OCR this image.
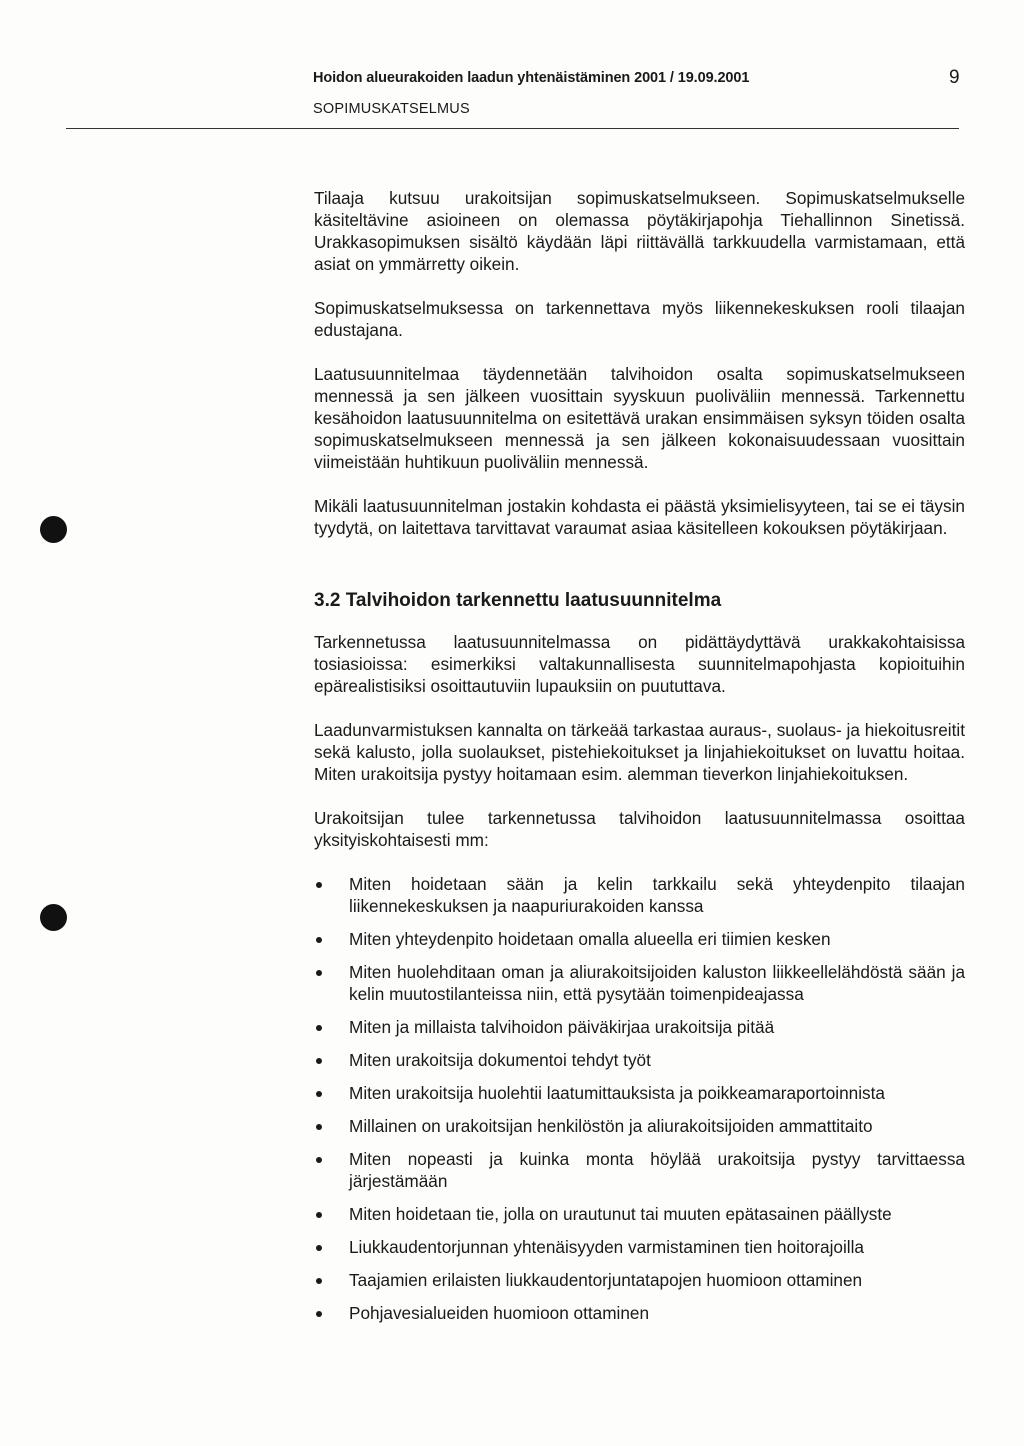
Hoidon alueurakoiden laadun yhtenäistäminen 2001 / 19.09.2001	9
SOPIMUSKATSELMUS

Tilaaja kutsuu urakoitsijan sopimuskatselmukseen. Sopimuskatselmukselle käsiteltävine asioineen on olemassa pöytäkirjapohja Tiehallinnon Sinetissä. Urakkasopimuksen sisältö käydään läpi riittävällä tarkkuudella varmistamaan, että asiat on ymmärretty oikein.

Sopimuskatselmuksessa on tarkennettava myös liikennekeskuksen rooli tilaajan edustajana.

Laatusuunnitelmaa täydennetään talvihoidon osalta sopimuskatselmukseen mennessä ja sen jälkeen vuosittain syyskuun puoliväliin mennessä. Tarkennettu kesähoidon laatusuunnitelma on esitettävä urakan ensimmäisen syksyn töiden osalta sopimuskatselmukseen mennessä ja sen jälkeen kokonaisuudessaan vuosittain viimeistään huhtikuun puoliväliin mennessä.

Mikäli laatusuunnitelman jostakin kohdasta ei päästä yksimielisyyteen, tai se ei täysin tyydytä, on laitettava tarvittavat varaumat asiaa käsitelleen kokouksen pöytäkirjaan.

3.2 Talvihoidon tarkennettu laatusuunnitelma

Tarkennetussa laatusuunnitelmassa on pidättäydyttävä urakkakohtaisissa tosiasioissa: esimerkiksi valtakunnallisesta suunnitelmapohjasta kopioituihin epärealistisiksi osoittautuviin lupauksiin on puututtava.

Laadunvarmistuksen kannalta on tärkeää tarkastaa auraus-, suolaus- ja hiekoitusreitit sekä kalusto, jolla suolaukset, pistehiekoitukset ja linjahiekoitukset on luvattu hoitaa. Miten urakoitsija pystyy hoitamaan esim. alemman tieverkon linjahiekoituksen.

Urakoitsijan tulee tarkennetussa talvihoidon laatusuunnitelmassa osoittaa yksityiskohtaisesti mm:

Miten hoidetaan sään ja kelin tarkkailu sekä yhteydenpito tilaajan liikennekeskuksen ja naapuriurakoiden kanssa
Miten yhteydenpito hoidetaan omalla alueella eri tiimien kesken
Miten huolehditaan oman ja aliurakoitsijoiden kaluston liikkeellelähdöstä sään ja kelin muutostilanteissa niin, että pysytään toimenpideajassa
Miten ja millaista talvihoidon päiväkirjaa urakoitsija pitää
Miten urakoitsija dokumentoi tehdyt työt
Miten urakoitsija huolehtii laatumittauksista ja poikkeamaraportoinnista
Millainen on urakoitsijan henkilöstön ja aliurakoitsijoiden ammattitaito
Miten nopeasti ja kuinka monta höylää urakoitsija pystyy tarvittaessa järjestämään
Miten hoidetaan tie, jolla on urautunut tai muuten epätasainen päällyste
Liukkaudentorjunnan yhtenäisyyden varmistaminen tien hoitorajoilla
Taajamien erilaisten liukkaudentorjuntatapojen huomioon ottaminen
Pohjavesialueiden huomioon ottaminen
